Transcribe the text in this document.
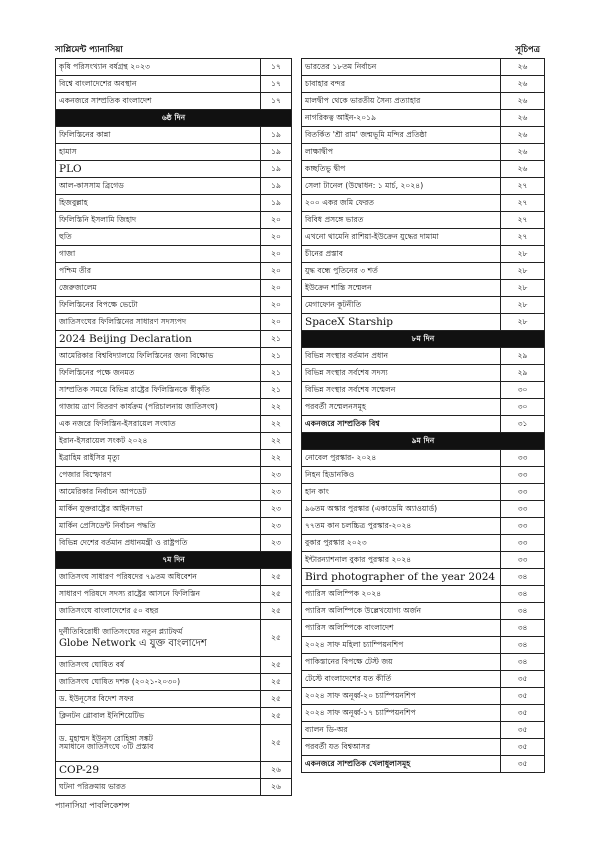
সাপ্লিমেন্ট প্যানাসিয়া	সূচিপত্র
কৃষি পরিসংখ্যান বর্ষগ্রন্থ ২০২৩	১৭
বিশ্বে বাংলাদেশের অবস্থান	১৭
একনজরে সাম্প্রতিক বাংলাদেশ	১৭
৬ষ্ঠ দিন	
ফিলিস্তিনের কান্না	১৯
হামাস	১৯
PLO	১৯
আল-কাসসাম ব্রিগেড	১৯
হিজবুল্লাহ	১৯
ফিলিস্তিনি ইসলামি জিহাদ	২০
হুতি	২০
গাজা	২০
পশ্চিম তীর	২০
জেরুজালেম	২০
ফিলিস্তিনের বিপক্ষে ভেটো	২০
জাতিসংঘের ফিলিস্তিনের সাধারণ সদস্যপদ	২০
2024 Beijing Declaration	২১
আমেরিকার বিশ্ববিদ্যালয়ে ফিলিস্তিনের জন্য বিক্ষোভ	২১
ফিলিস্তিনের পক্ষে জনমত	২১
সাম্প্রতিক সময়ে বিভিন্ন রাষ্ট্রের ফিলিস্তিনকে স্বীকৃতি	২১
গাজায় ত্রাণ বিতরণ কার্যক্রম (পরিচালনায় জাতিসংঘ)	২২
এক নজরে ফিলিস্তিন-ইসরায়েল সংঘাত	২২
ইরান-ইসরায়েল সংকট ২০২৪	২২
ইব্রাহিম রাইসির মৃত্যু	২২
পেজার বিস্ফোরণ	২৩
আমেরিকার নির্বাচন আপডেট	২৩
মার্কিন যুক্তরাষ্ট্রের আইনসভা	২৩
মার্কিন প্রেসিডেন্ট নির্বাচন পদ্ধতি	২৩
বিভিন্ন দেশের বর্তমান প্রধানমন্ত্রী ও রাষ্ট্রপতি	২৩
৭ম দিন	
জাতিসংঘ সাধারণ পরিষদের ৭৯তম অধিবেশন	২৫
সাধারণ পরিষদে সদস্য রাষ্ট্রের আসনে ফিলিস্তিন	২৫
জাতিসংঘে বাংলাদেশের ৫০ বছর	২৫

দুর্নীতিবিরোধী জাতিসংঘের নতুন প্ল্যাটফর্ম
Globe Network এ যুক্ত বাংলাদেশ	২৫
জাতিসংঘ ঘোষিত বর্ষ	২৫
জাতিসংঘ ঘোষিত দশক (২০২১-২০৩০)	২৫
ড. ইউনূসের বিদেশ সফর	২৫
ক্লিনটন গ্লোবাল ইনিশিয়েটিভ	২৫

ড. মুহাম্মদ ইউনূস রোহিঙ্গা সঙ্কট
সমাধানে জাতিসংঘে ৩টি প্রস্তাব	২৫
COP-29	২৬
ঘটনা পরিক্রমায় ভারত	২৬
ভারতের ১৮তম নির্বাচন	২৬
চাবাহার বন্দর	২৬
মালদ্বীপ থেকে ভারতীয় সৈন্য প্রত্যাহার	২৬
নাগরিকত্ব আইন-২০১৯	২৬
বিতর্কিত 'শ্রী রাম' জন্মভূমি মন্দির প্রতিষ্ঠা	২৬
লাক্ষাদ্বীপ	২৬
কচ্ছতিভু দ্বীপ	২৬
সেলা টানেল (উদ্বোধন: ১ মার্চ, ২০২৪)	২৭
২০০ একর জমি ফেরত	২৭
বিবিধ প্রসঙ্গে ভারত	২৭
এখনো থামেনি রাশিয়া-ইউক্রেন যুদ্ধের দামামা	২৭
চীনের প্রস্তাব	২৮
যুদ্ধ বন্ধে পুতিনের ৩ শর্ত	২৮
ইউক্রেন শান্তি সম্মেলন	২৮
মেগাফোন কূটনীতি	২৮
SpaceX Starship	২৮
৮ম দিন	
বিভিন্ন সংস্থার বর্তমান প্রধান	২৯
বিভিন্ন সংস্থার সর্বশেষ সদস্য	২৯
বিভিন্ন সংস্থার সর্বশেষ সম্মেলন	৩০
পরবর্তী সম্মেলনসমূহ	৩০
একনজরে সাম্প্রতিক বিশ্ব	৩১
৯ম দিন	
নোবেল পুরস্কার- ২০২৪	৩৩
নিহন হিডানকিও	৩৩
হান কাং	৩৩
৯৬তম অস্কার পুরস্কার (একাডেমি অ্যাওয়ার্ড)	৩৩
৭৭তম কান চলচ্চিত্র পুরস্কার-২০২৪	৩৩
বুকার পুরস্কার ২০২৩	৩৩
ইন্টারন্যাশনাল বুকার পুরস্কার ২০২৪	৩৩
Bird photographer of the year 2024	৩৪
প্যারিস অলিম্পিক ২০২৪	৩৪
প্যারিস অলিম্পিকে উল্লেখযোগ্য অর্জন	৩৪
প্যারিস অলিম্পিকে বাংলাদেশ	৩৪
২০২৪ সাফ মহিলা চ্যাম্পিয়নশিপ	৩৪
পাকিস্তানের বিপক্ষে টেস্ট জয়	৩৪
টেস্টে বাংলাদেশের যত কীর্তি	৩৫
২০২৪ সাফ অনূর্ধ্ব-২০ চ্যাম্পিয়নশিপ	৩৫
২০২৪ সাফ অনূর্ধ্ব-১৭ চ্যাম্পিয়নশিপ	৩৫
ব্যালন ডি-অর	৩৫
পরবর্তী যত বিশ্বআসর	৩৫
একনজরে সাম্প্রতিক খেলাধুলাসমূহ	৩৫
প্যানাসিয়া পাবলিকেশন্স
